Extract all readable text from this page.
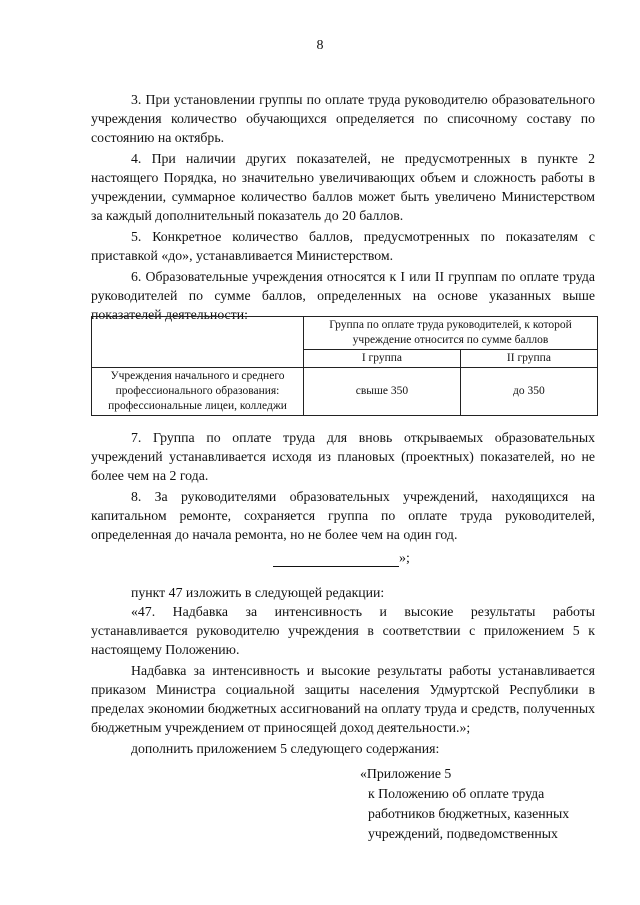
8

3. При установлении группы по оплате труда руководителю образовательного учреждения количество обучающихся определяется по списочному составу по состоянию на октябрь.

4. При наличии других показателей, не предусмотренных в пункте 2 настоящего Порядка, но значительно увеличивающих объем и сложность работы в учреждении, суммарное количество баллов может быть увеличено Министерством за каждый дополнительный показатель до 20 баллов.

5. Конкретное количество баллов, предусмотренных по показателям с приставкой «до», устанавливается Министерством.

6. Образовательные учреждения относятся к I или II группам по оплате труда руководителей по сумме баллов, определенных на основе указанных выше показателей деятельности:

	Группа по оплате труда руководителей, к которой учреждение относится по сумме баллов	
	I группа	II группа
Учреждения начального и среднего профессионального образования: профессиональные лицеи, колледжи	свыше 350	до 350

7. Группа по оплате труда для вновь открываемых образовательных учреждений устанавливается исходя из плановых (проектных) показателей, но не более чем на 2 года.

8. За руководителями образовательных учреждений, находящихся на капитальном ремонте, сохраняется группа по оплате труда руководителей, определенная до начала ремонта, но не более чем на один год.

»;

пункт 47 изложить в следующей редакции:

«47. Надбавка за интенсивность и высокие результаты работы устанавливается руководителю учреждения в соответствии с приложением 5 к настоящему Положению.

Надбавка за интенсивность и высокие результаты работы устанавливается приказом Министра социальной защиты населения Удмуртской Республики в пределах экономии бюджетных ассигнований на оплату труда и средств, полученных бюджетным учреждением от приносящей доход деятельности.»;

дополнить приложением 5 следующего содержания:

«Приложение 5
к Положению об оплате труда
работников бюджетных, казенных
учреждений, подведомственных
